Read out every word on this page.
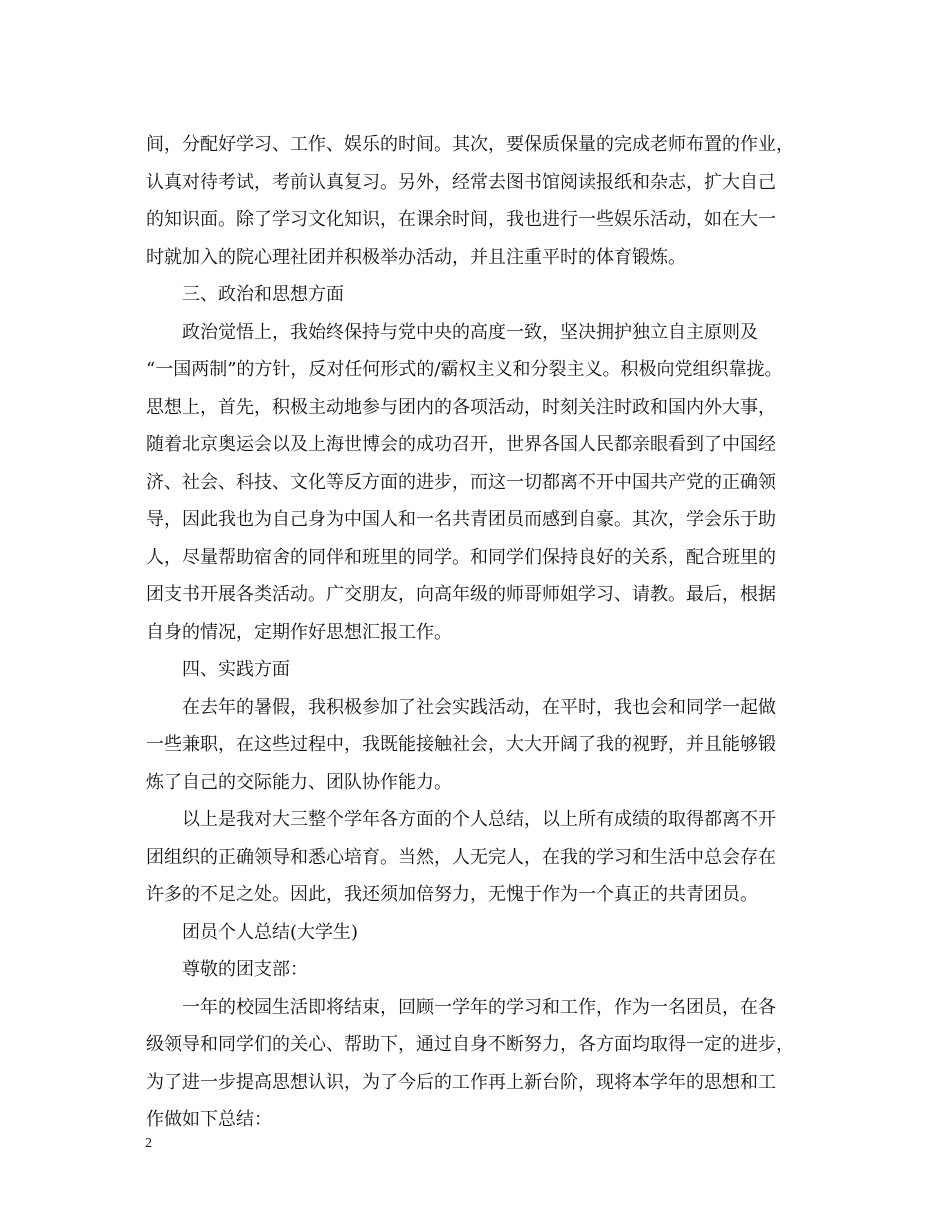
间，分配好学习、工作、娱乐的时间。其次，要保质保量的完成老师布置的作业，
认真对待考试，考前认真复习。另外，经常去图书馆阅读报纸和杂志，扩大自己
的知识面。除了学习文化知识，在课余时间，我也进行一些娱乐活动，如在大一
时就加入的院心理社团并积极举办活动，并且注重平时的体育锻炼。
三、政治和思想方面
政治觉悟上，我始终保持与党中央的高度一致，坚决拥护独立自主原则及
“一国两制”的方针，反对任何形式的/霸权主义和分裂主义。积极向党组织靠拢。
思想上，首先，积极主动地参与团内的各项活动，时刻关注时政和国内外大事，
随着北京奥运会以及上海世博会的成功召开，世界各国人民都亲眼看到了中国经
济、社会、科技、文化等反方面的进步，而这一切都离不开中国共产党的正确领
导，因此我也为自己身为中国人和一名共青团员而感到自豪。其次，学会乐于助
人，尽量帮助宿舍的同伴和班里的同学。和同学们保持良好的关系，配合班里的
团支书开展各类活动。广交朋友，向高年级的师哥师姐学习、请教。最后，根据
自身的情况，定期作好思想汇报工作。
四、实践方面
在去年的暑假，我积极参加了社会实践活动，在平时，我也会和同学一起做
一些兼职，在这些过程中，我既能接触社会，大大开阔了我的视野，并且能够锻
炼了自己的交际能力、团队协作能力。
以上是我对大三整个学年各方面的个人总结，以上所有成绩的取得都离不开
团组织的正确领导和悉心培育。当然，人无完人，在我的学习和生活中总会存在
许多的不足之处。因此，我还须加倍努力，无愧于作为一个真正的共青团员。
团员个人总结(大学生)
尊敬的团支部：
一年的校园生活即将结束，回顾一学年的学习和工作，作为一名团员，在各
级领导和同学们的关心、帮助下，通过自身不断努力，各方面均取得一定的进步，
为了进一步提高思想认识，为了今后的工作再上新台阶，现将本学年的思想和工
作做如下总结：
2
